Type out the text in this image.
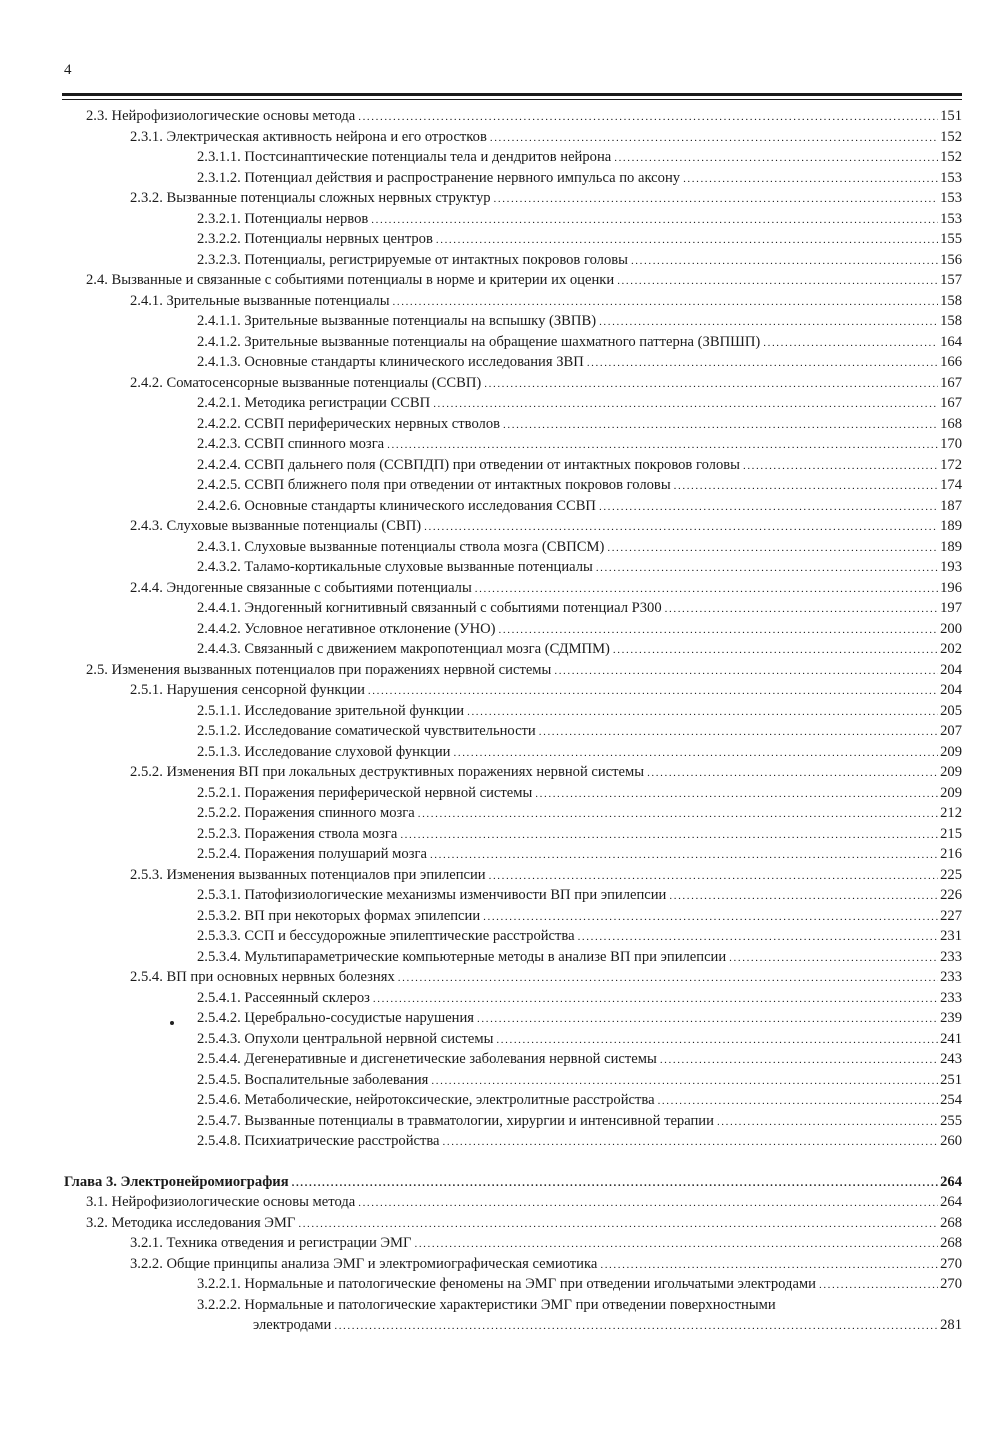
4
2.3. Нейрофизиологические основы метода .....	151
2.3.1. Электрическая активность нейрона и его отростков .....	152
2.3.1.1. Постсинаптические потенциалы тела и дендритов нейрона .....	152
2.3.1.2. Потенциал действия и распространение нервного импульса по аксону .....	153
2.3.2. Вызванные потенциалы сложных нервных структур .....	153
2.3.2.1. Потенциалы нервов .....	153
2.3.2.2. Потенциалы нервных центров .....	155
2.3.2.3. Потенциалы, регистрируемые от интактных покровов головы .....	156
2.4. Вызванные и связанные с событиями потенциалы в норме и критерии их оценки .....	157
2.4.1. Зрительные вызванные потенциалы .....	158
2.4.1.1. Зрительные вызванные потенциалы на вспышку (ЗВПВ) .....	158
2.4.1.2. Зрительные вызванные потенциалы на обращение шахматного паттерна (ЗВПШП) .....	164
2.4.1.3. Основные стандарты клинического исследования ЗВП .....	166
2.4.2. Соматосенсорные вызванные потенциалы (ССВП) .....	167
2.4.2.1. Методика регистрации ССВП .....	167
2.4.2.2. ССВП периферических нервных стволов .....	168
2.4.2.3. ССВП спинного мозга .....	170
2.4.2.4. ССВП дальнего поля (ССВПДП) при отведении от интактных покровов головы .....	172
2.4.2.5. ССВП ближнего поля при отведении от интактных покровов головы .....	174
2.4.2.6. Основные стандарты клинического исследования ССВП .....	187
2.4.3. Слуховые вызванные потенциалы (СВП) .....	189
2.4.3.1. Слуховые вызванные потенциалы ствола мозга (СВПСМ) .....	189
2.4.3.2. Таламо-кортикальные слуховые вызванные потенциалы .....	193
2.4.4. Эндогенные связанные с событиями потенциалы .....	196
2.4.4.1. Эндогенный когнитивный связанный с событиями потенциал Р300 .....	197
2.4.4.2. Условное негативное отклонение (УНО) .....	200
2.4.4.3. Связанный с движением макропотенциал мозга (СДМПМ) .....	202
2.5. Изменения вызванных потенциалов при поражениях нервной системы .....	204
2.5.1. Нарушения сенсорной функции .....	204
2.5.1.1. Исследование зрительной функции .....	205
2.5.1.2. Исследование соматической чувствительности .....	207
2.5.1.3. Исследование слуховой функции .....	209
2.5.2. Изменения ВП при локальных деструктивных поражениях нервной системы .....	209
2.5.2.1. Поражения периферической нервной системы .....	209
2.5.2.2. Поражения спинного мозга .....	212
2.5.2.3. Поражения ствола мозга .....	215
2.5.2.4. Поражения полушарий мозга .....	216
2.5.3. Изменения вызванных потенциалов при эпилепсии .....	225
2.5.3.1. Патофизиологические механизмы изменчивости ВП при эпилепсии .....	226
2.5.3.2. ВП при некоторых формах эпилепсии .....	227
2.5.3.3. ССП и бессудорожные эпилептические расстройства .....	231
2.5.3.4. Мультипараметрические компьютерные методы в анализе ВП при эпилепсии .....	233
2.5.4. ВП при основных нервных болезнях .....	233
2.5.4.1. Рассеянный склероз .....	233
2.5.4.2. Церебрально-сосудистые нарушения .....	239
2.5.4.3. Опухоли центральной нервной системы .....	241
2.5.4.4. Дегенеративные и дисгенетические заболевания нервной системы .....	243
2.5.4.5. Воспалительные заболевания .....	251
2.5.4.6. Метаболические, нейротоксические, электролитные расстройства .....	254
2.5.4.7. Вызванные потенциалы в травматологии, хирургии и интенсивной терапии .....	255
2.5.4.8. Психиатрические расстройства .....	260
Глава 3. Электронейромиография .....	264
3.1. Нейрофизиологические основы метода .....	264
3.2. Методика исследования ЭМГ .....	268
3.2.1. Техника отведения и регистрации ЭМГ .....	268
3.2.2. Общие принципы анализа ЭМГ и электромиографическая семиотика .....	270
3.2.2.1. Нормальные и патологические феномены на ЭМГ при отведении игольчатыми электродами .....	270
3.2.2.2. Нормальные и патологические характеристики ЭМГ при отведении поверхностными
электродами .....	281
